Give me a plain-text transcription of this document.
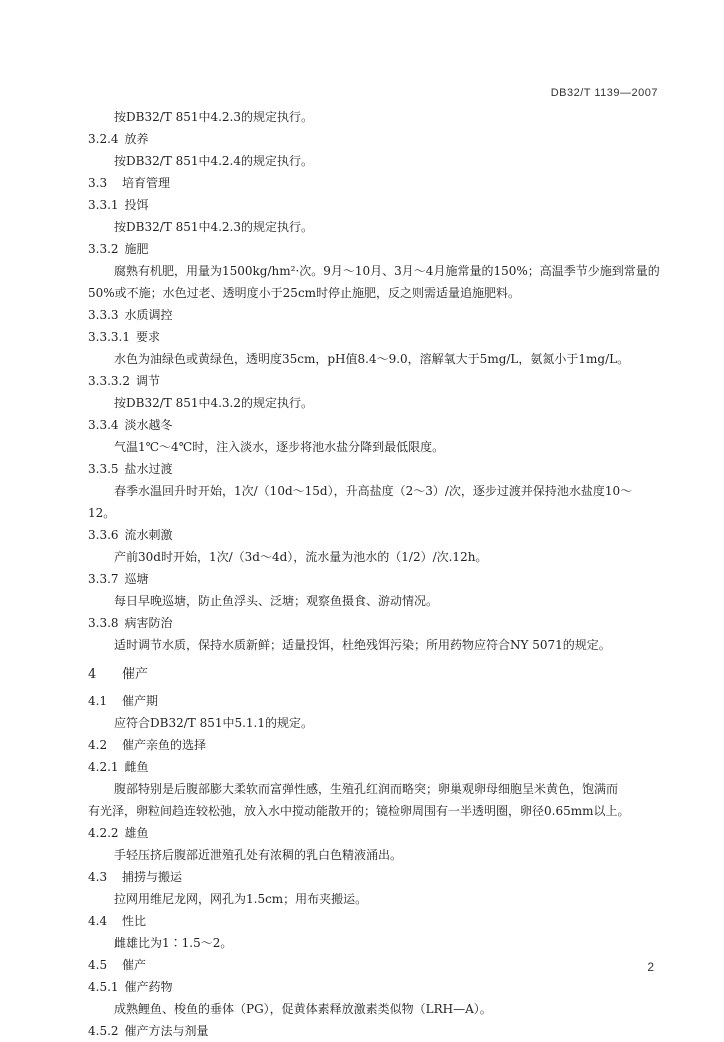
DB32/T 1139—2007
按DB32/T 851中4.2.3的规定执行。
3.2.4 放养
按DB32/T 851中4.2.4的规定执行。
3.3 培育管理
3.3.1 投饵
按DB32/T 851中4.2.3的规定执行。
3.3.2 施肥
腐熟有机肥，用量为1500kg/hm²·次。9月～10月、3月～4月施常量的150%；高温季节少施到常量的
50%或不施；水色过老、透明度小于25cm时停止施肥，反之则需适量追施肥料。
3.3.3 水质调控
3.3.3.1 要求
水色为油绿色或黄绿色，透明度35cm，pH值8.4～9.0，溶解氧大于5mg/L，氨氮小于1mg/L。
3.3.3.2 调节
按DB32/T 851中4.3.2的规定执行。
3.3.4 淡水越冬
气温1℃～4℃时，注入淡水，逐步将池水盐分降到最低限度。
3.3.5 盐水过渡
春季水温回升时开始，1次/（10d～15d），升高盐度（2～3）/次，逐步过渡并保持池水盐度10～
12。
3.3.6 流水刺激
产前30d时开始，1次/（3d～4d），流水量为池水的（1/2）/次.12h。
3.3.7 巡塘
每日早晚巡塘，防止鱼浮头、泛塘；观察鱼摄食、游动情况。
3.3.8 病害防治
适时调节水质，保持水质新鲜；适量投饵，杜绝残饵污染；所用药物应符合NY 5071的规定。
4 催产
4.1 催产期
应符合DB32/T 851中5.1.1的规定。
4.2 催产亲鱼的选择
4.2.1 雌鱼
腹部特别是后腹部膨大柔软而富弹性感，生殖孔红润而略突；卵巢观卵母细胞呈米黄色，饱满而
有光泽，卵粒间趋连较松弛，放入水中搅动能散开的；镜检卵周围有一半透明圈，卵径0.65mm以上。
4.2.2 雄鱼
手轻压挤后腹部近泄殖孔处有浓稠的乳白色精液涌出。
4.3 捕捞与搬运
拉网用维尼龙网，网孔为1.5cm；用布夹搬运。
4.4 性比
雌雄比为1∶1.5～2。
4.5 催产
4.5.1 催产药物
成熟鲤鱼、梭鱼的垂体（PG），促黄体素释放激素类似物（LRH—A）。
4.5.2 催产方法与剂量
2
